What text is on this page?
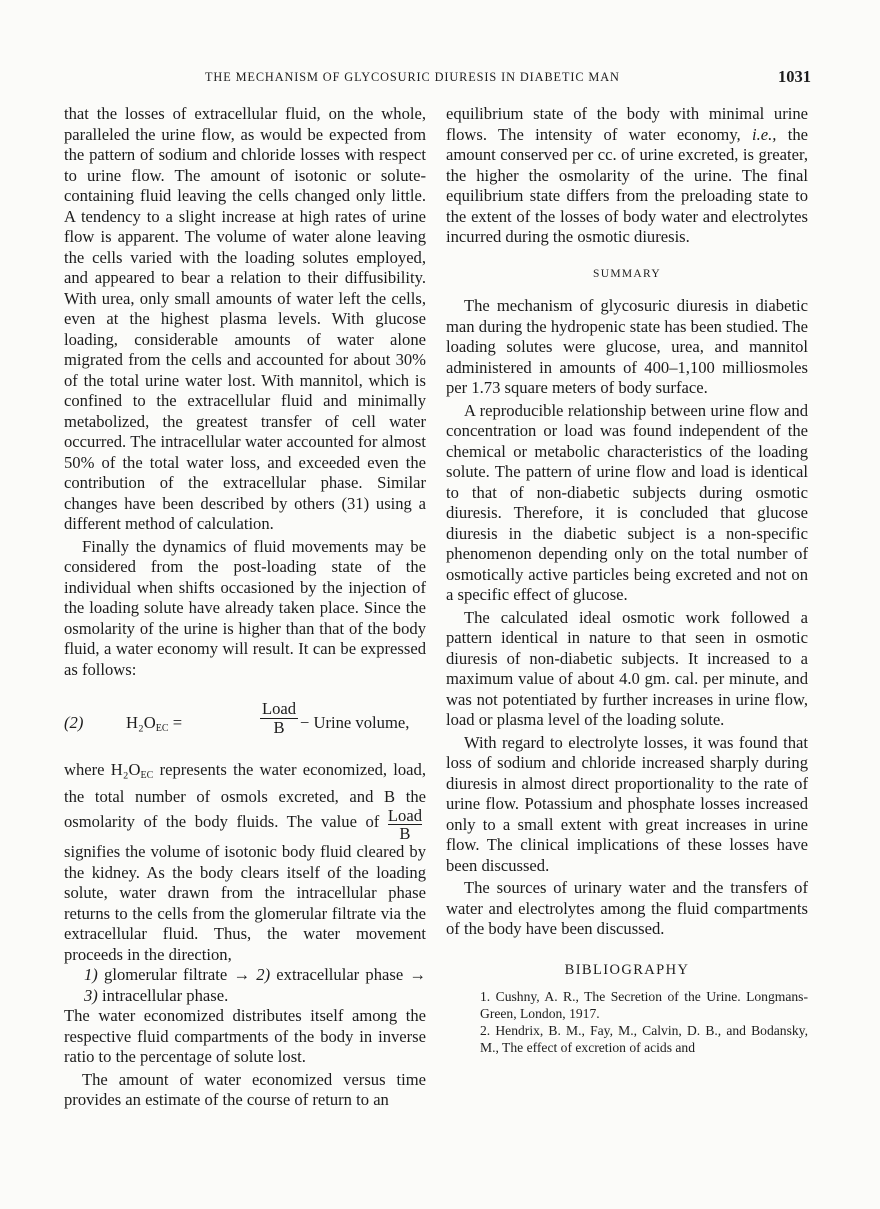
THE MECHANISM OF GLYCOSURIC DIURESIS IN DIABETIC MAN	1031

that the losses of extracellular fluid, on the whole, paralleled the urine flow, as would be expected from the pattern of sodium and chloride losses with respect to urine flow. The amount of isotonic or solute-containing fluid leaving the cells changed only little. A tendency to a slight increase at high rates of urine flow is apparent. The volume of water alone leaving the cells varied with the loading solutes employed, and appeared to bear a relation to their diffusibility. With urea, only small amounts of water left the cells, even at the highest plasma levels. With glucose loading, considerable amounts of water alone migrated from the cells and accounted for about 30% of the total urine water lost. With mannitol, which is confined to the extracellular fluid and minimally metabolized, the greatest transfer of cell water occurred. The intracellular water accounted for almost 50% of the total water loss, and exceeded even the contribution of the extracellular phase. Similar changes have been described by others (31) using a different method of calculation.

Finally the dynamics of fluid movements may be considered from the post-loading state of the individual when shifts occasioned by the injection of the loading solute have already taken place. Since the osmolarity of the urine is higher than that of the body fluid, a water economy will result. It can be expressed as follows:

(2)	$H_2O_{EC}$ =
Load
B − Urine volume,

where $H_2O_{EC}$ represents the water economized, load, the total number of osmols excreted, and B the osmolarity of the body fluids. The value of $\frac{\text{Load}}{B}$ signifies the volume of isotonic body fluid cleared by the kidney. As the body clears itself of the loading solute, water drawn from the intracellular phase returns to the cells from the glomerular filtrate via the extracellular fluid. Thus, the water movement proceeds in the direction,

1) glomerular filtrate → 2) extracellular phase → 3) intracellular phase.

The water economized distributes itself among the respective fluid compartments of the body in inverse ratio to the percentage of solute lost.

The amount of water economized versus time provides an estimate of the course of return to an

equilibrium state of the body with minimal urine flows. The intensity of water economy, i.e., the amount conserved per cc. of urine excreted, is greater, the higher the osmolarity of the urine. The final equilibrium state differs from the preloading state to the extent of the losses of body water and electrolytes incurred during the osmotic diuresis.

SUMMARY

The mechanism of glycosuric diuresis in diabetic man during the hydropenic state has been studied. The loading solutes were glucose, urea, and mannitol administered in amounts of 400–1,100 milliosmoles per 1.73 square meters of body surface.

A reproducible relationship between urine flow and concentration or load was found independent of the chemical or metabolic characteristics of the loading solute. The pattern of urine flow and load is identical to that of non-diabetic subjects during osmotic diuresis. Therefore, it is concluded that glucose diuresis in the diabetic subject is a non-specific phenomenon depending only on the total number of osmotically active particles being excreted and not on a specific effect of glucose.

The calculated ideal osmotic work followed a pattern identical in nature to that seen in osmotic diuresis of non-diabetic subjects. It increased to a maximum value of about 4.0 gm. cal. per minute, and was not potentiated by further increases in urine flow, load or plasma level of the loading solute.

With regard to electrolyte losses, it was found that loss of sodium and chloride increased sharply during diuresis in almost direct proportionality to the rate of urine flow. Potassium and phosphate losses increased only to a small extent with great increases in urine flow. The clinical implications of these losses have been discussed.

The sources of urinary water and the transfers of water and electrolytes among the fluid compartments of the body have been discussed.

BIBLIOGRAPHY

1. Cushny, A. R., The Secretion of the Urine. Longmans-Green, London, 1917.

2. Hendrix, B. M., Fay, M., Calvin, D. B., and Bodansky, M., The effect of excretion of acids and
